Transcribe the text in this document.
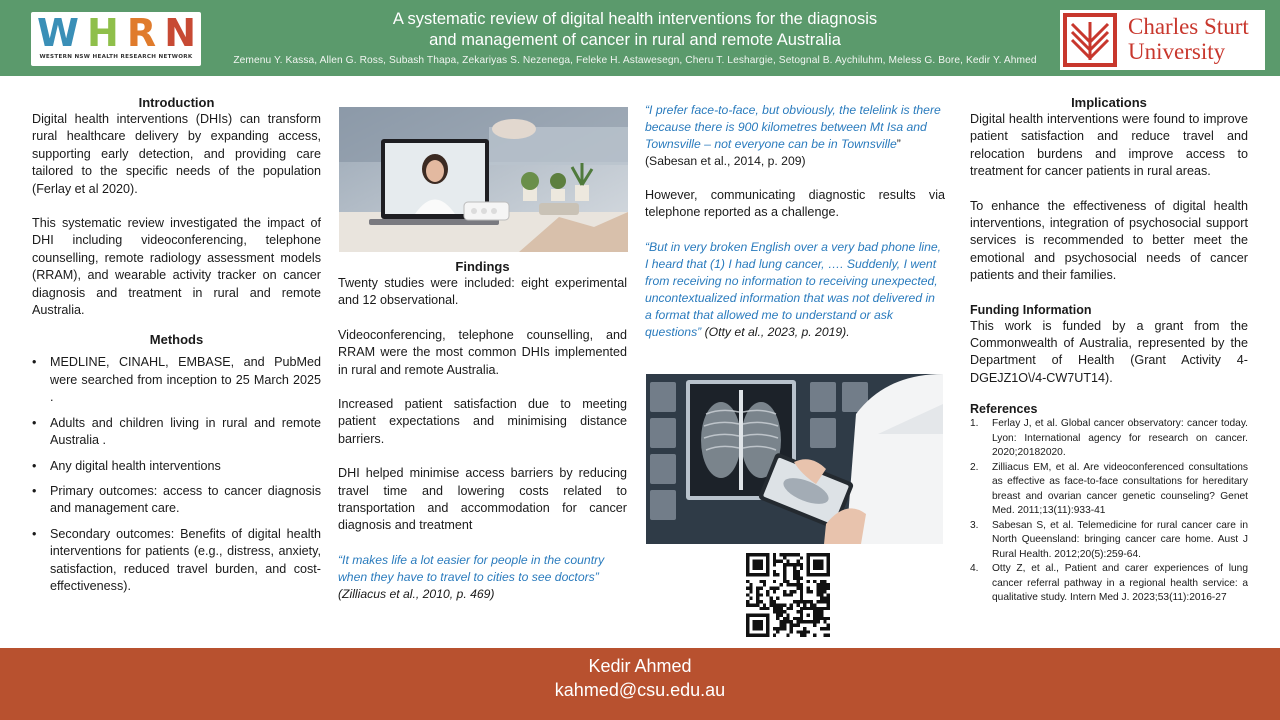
W H R N
WESTERN NSW HEALTH RESEARCH NETWORK
A systematic review of digital health interventions for the diagnosis
and management of cancer in rural and remote Australia
Zemenu Y. Kassa, Allen G. Ross, Subash Thapa, Zekariyas S. Nezenega, Feleke H. Astawesegn, Cheru T. Leshargie, Setognal B. Aychiluhm, Meless G. Bore, Kedir Y. Ahmed
Charles Sturt
University
Introduction

Digital health interventions (DHIs) can transform rural healthcare delivery by expanding access, supporting early detection, and providing care tailored to the specific needs of the population (Ferlay et al 2020).

This systematic review investigated the impact of DHI including videoconferencing, telephone counselling, remote radiology assessment models (RRAM), and wearable activity tracker on cancer diagnosis and treatment in rural and remote Australia.

Methods
• MEDLINE, CINAHL, EMBASE, and PubMed were searched from inception to 25 March 2025 .
• Adults and children living in rural and remote Australia .
• Any digital health interventions
• Primary outcomes: access to cancer diagnosis and management care.
• Secondary outcomes: Benefits of digital health interventions for patients (e.g., distress, anxiety, satisfaction, reduced travel burden, and cost-effectiveness).
Findings

Twenty studies were included: eight experimental and 12 observational.

Videoconferencing, telephone counselling, and RRAM were the most common DHIs implemented in rural and remote Australia.

Increased patient satisfaction due to meeting patient expectations and minimising distance barriers.

DHI helped minimise access barriers by reducing travel time and lowering costs related to transportation and accommodation for cancer diagnosis and treatment

“It makes life a lot easier for people in the country when they have to travel to cities to see doctors” (Zilliacus et al., 2010, p. 469)

“I prefer face-to-face, but obviously, the telelink is there because there is 900 kilometres between Mt Isa and Townsville – not everyone can be in Townsville” (Sabesan et al., 2014, p. 209)

However, communicating diagnostic results via telephone reported as a challenge.

“But in very broken English over a very bad phone line, I heard that (1) I had lung cancer, …. Suddenly, I went from receiving no information to receiving unexpected, uncontextualized information that was not delivered in a format that allowed me to understand or ask questions” (Otty et al., 2023, p. 2019).

Implications

Digital health interventions were found to improve patient satisfaction and reduce travel and relocation burdens and improve access to treatment for cancer patients in rural areas.

To enhance the effectiveness of digital health interventions, integration of psychosocial support services is recommended to better meet the emotional and psychosocial needs of cancer patients and their families.

Funding Information

This work is funded by a grant from the Commonwealth of Australia, represented by the Department of Health (Grant Activity 4-DGEJZ1O\/4-CW7UT14).

References
1. Ferlay J, et al. Global cancer observatory: cancer today. Lyon: International agency for research on cancer. 2020;20182020.
2. Zilliacus EM, et al. Are videoconferenced consultations as effective as face-to-face consultations for hereditary breast and ovarian cancer genetic counseling? Genet Med. 2011;13(11):933-41
3. Sabesan S, et al. Telemedicine for rural cancer care in North Queensland: bringing cancer care home. Aust J Rural Health. 2012;20(5):259-64.
4. Otty Z, et al., Patient and carer experiences of lung cancer referral pathway in a regional health service: a qualitative study. Intern Med J. 2023;53(11):2016-27
Kedir Ahmed
kahmed@csu.edu.au
